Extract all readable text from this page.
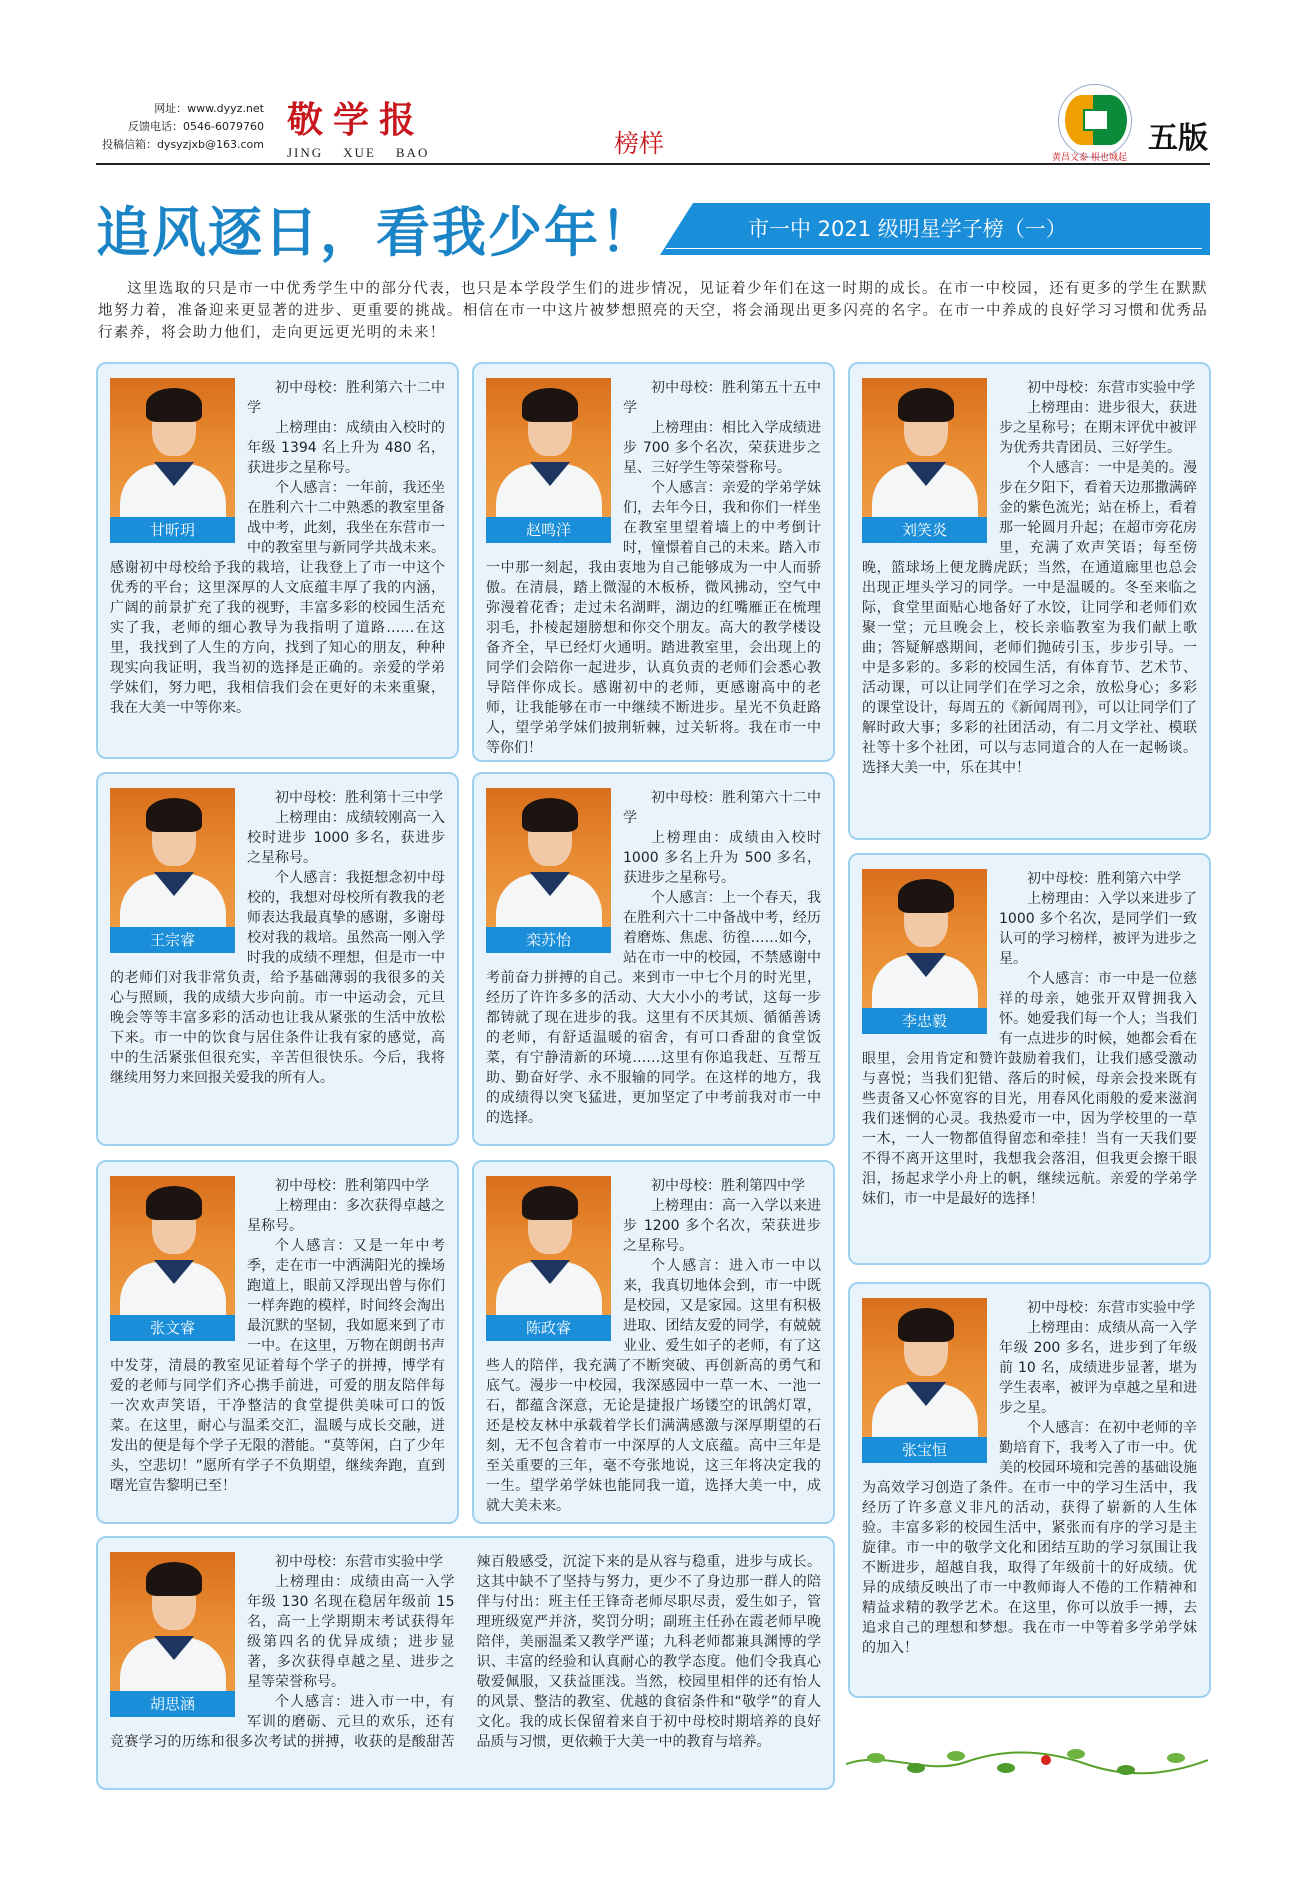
网址：www.dyyz.net
反馈电话：0546-6079760
投稿信箱：dysyzjxb@163.com
敬学报
JING XUE BAO	榜样	黄昌文泰 根也城起
五版
追风逐日，看我少年！	市一中 2021 级明星学子榜（一）
这里选取的只是市一中优秀学生中的部分代表，也只是本学段学生们的进步情况，见证着少年们在这一时期的成长。在市一中校园，还有更多的学生在默默地努力着，准备迎来更显著的进步、更重要的挑战。相信在市一中这片被梦想照亮的天空，将会涌现出更多闪亮的名字。在市一中养成的良好学习习惯和优秀品行素养，将会助力他们，走向更远更光明的未来！
甘昕玥

初中母校：胜利第六十二中学

上榜理由：成绩由入校时的年级 1394 名上升为 480 名，获进步之星称号。

个人感言：一年前，我还坐在胜利六十二中熟悉的教室里备战中考，此刻，我坐在东营市一中的教室里与新同学共战未来。感谢初中母校给予我的栽培，让我登上了市一中这个优秀的平台；这里深厚的人文底蕴丰厚了我的内涵，广阔的前景扩充了我的视野，丰富多彩的校园生活充实了我，老师的细心教导为我指明了道路……在这里，我找到了人生的方向，找到了知心的朋友，种种现实向我证明，我当初的选择是正确的。亲爱的学弟学妹们，努力吧，我相信我们会在更好的未来重聚，我在大美一中等你来。

赵鸣洋

初中母校：胜利第五十五中学

上榜理由：相比入学成绩进步 700 多个名次，荣获进步之星、三好学生等荣誉称号。

个人感言：亲爱的学弟学妹们，去年今日，我和你们一样坐在教室里望着墙上的中考倒计时，憧憬着自己的未来。踏入市一中那一刻起，我由衷地为自己能够成为一中人而骄傲。在清晨，踏上微湿的木板桥，微风拂动，空气中弥漫着花香；走过未名湖畔，湖边的红嘴雁正在梳理羽毛，扑棱起翅膀想和你交个朋友。高大的教学楼设备齐全，早已经灯火通明。踏进教室里，会出现上的同学们会陪你一起进步，认真负责的老师们会悉心教导陪伴你成长。感谢初中的老师，更感谢高中的老师，让我能够在市一中继续不断进步。星光不负赶路人，望学弟学妹们披荆斩棘，过关斩将。我在市一中等你们！

刘笑炎

初中母校：东营市实验中学

上榜理由：进步很大，获进步之星称号；在期末评优中被评为优秀共青团员、三好学生。

个人感言：一中是美的。漫步在夕阳下，看着天边那撒满碎金的紫色流光；站在桥上，看着那一轮圆月升起；在超市旁花房里，充满了欢声笑语；每至傍晚，篮球场上便龙腾虎跃；当然，在通道廊里也总会出现正埋头学习的同学。一中是温暖的。冬至来临之际，食堂里面贴心地备好了水饺，让同学和老师们欢聚一堂；元旦晚会上，校长亲临教室为我们献上歌曲；答疑解惑期间，老师们抛砖引玉，步步引导。一中是多彩的。多彩的校园生活，有体育节、艺术节、活动课，可以让同学们在学习之余，放松身心；多彩的课堂设计，每周五的《新闻周刊》，可以让同学们了解时政大事；多彩的社团活动，有二月文学社、模联社等十多个社团，可以与志同道合的人在一起畅谈。选择大美一中，乐在其中！

王宗睿

初中母校：胜利第十三中学

上榜理由：成绩较刚高一入校时进步 1000 多名，获进步之星称号。

个人感言：我挺想念初中母校的，我想对母校所有教我的老师表达我最真挚的感谢，多谢母校对我的栽培。虽然高一刚入学时我的成绩不理想，但是市一中的老师们对我非常负责，给予基础薄弱的我很多的关心与照顾，我的成绩大步向前。市一中运动会，元旦晚会等等丰富多彩的活动也让我从紧张的生活中放松下来。市一中的饮食与居住条件让我有家的感觉，高中的生活紧张但很充实，辛苦但很快乐。今后，我将继续用努力来回报关爱我的所有人。

栾苏怡

初中母校：胜利第六十二中学

上榜理由：成绩由入校时 1000 多名上升为 500 多名，获进步之星称号。

个人感言：上一个春天，我在胜利六十二中备战中考，经历着磨炼、焦虑、彷徨……如今，站在市一中的校园，不禁感谢中考前奋力拼搏的自己。来到市一中七个月的时光里，经历了许许多多的活动、大大小小的考试，这每一步都铸就了现在进步的我。这里有不厌其烦、循循善诱的老师，有舒适温暖的宿舍，有可口香甜的食堂饭菜，有宁静清新的环境……这里有你追我赶、互帮互助、勤奋好学、永不服输的同学。在这样的地方，我的成绩得以突飞猛进，更加坚定了中考前我对市一中的选择。

李忠毅

初中母校：胜利第六中学

上榜理由：入学以来进步了 1000 多个名次，是同学们一致认可的学习榜样，被评为进步之星。

个人感言：市一中是一位慈祥的母亲，她张开双臂拥我入怀。她爱我们每一个人；当我们有一点进步的时候，她都会看在眼里，会用肯定和赞许鼓励着我们，让我们感受激动与喜悦；当我们犯错、落后的时候，母亲会投来既有些责备又心怀宽容的目光，用春风化雨般的爱来滋润我们迷惘的心灵。我热爱市一中，因为学校里的一草一木，一人一物都值得留恋和牵挂！当有一天我们要不得不离开这里时，我想我会落泪，但我更会擦干眼泪，扬起求学小舟上的帆，继续远航。亲爱的学弟学妹们，市一中是最好的选择！

张文睿

初中母校：胜利第四中学

上榜理由：多次获得卓越之星称号。

个人感言：又是一年中考季，走在市一中洒满阳光的操场跑道上，眼前又浮现出曾与你们一样奔跑的模样，时间终会淘出最沉默的坚韧，我如愿来到了市一中。在这里，万物在朗朗书声中发芽，清晨的教室见证着每个学子的拼搏，博学有爱的老师与同学们齐心携手前进，可爱的朋友陪伴每一次欢声笑语，干净整洁的食堂提供美味可口的饭菜。在这里，耐心与温柔交汇，温暖与成长交融，迸发出的便是每个学子无限的潜能。“莫等闲，白了少年头，空悲切！”愿所有学子不负期望，继续奔跑，直到曙光宣告黎明已至！

陈政睿

初中母校：胜利第四中学

上榜理由：高一入学以来进步 1200 多个名次，荣获进步之星称号。

个人感言：进入市一中以来，我真切地体会到，市一中既是校园，又是家园。这里有积极进取、团结友爱的同学，有兢兢业业、爱生如子的老师，有了这些人的陪伴，我充满了不断突破、再创新高的勇气和底气。漫步一中校园，我深感园中一草一木、一池一石，都蕴含深意，无论是捷报广场镂空的讯鸽灯罩，还是校友林中承载着学长们满满感激与深厚期望的石刻，无不包含着市一中深厚的人文底蕴。高中三年是至关重要的三年，毫不夸张地说，这三年将决定我的一生。望学弟学妹也能同我一道，选择大美一中，成就大美未来。

张宝恒

初中母校：东营市实验中学

上榜理由：成绩从高一入学年级 200 多名，进步到了年级前 10 名，成绩进步显著，堪为学生表率，被评为卓越之星和进步之星。

个人感言：在初中老师的辛勤培育下，我考入了市一中。优美的校园环境和完善的基础设施为高效学习创造了条件。在市一中的学习生活中，我经历了许多意义非凡的活动，获得了崭新的人生体验。丰富多彩的校园生活中，紧张而有序的学习是主旋律。市一中的敬学文化和团结互助的学习氛围让我不断进步，超越自我，取得了年级前十的好成绩。优异的成绩反映出了市一中教师诲人不倦的工作精神和精益求精的教学艺术。在这里，你可以放手一搏，去追求自己的理想和梦想。我在市一中等着多学弟学妹的加入！

胡思涵

初中母校：东营市实验中学

上榜理由：成绩由高一入学年级 130 名现在稳居年级前 15 名，高一上学期期末考试获得年级第四名的优异成绩；进步显著，多次获得卓越之星、进步之星等荣誉称号。

个人感言：进入市一中，有军训的磨砺、元旦的欢乐，还有竞赛学习的历练和很多次考试的拼搏，收获的是酸甜苦辣百般感受，沉淀下来的是从容与稳重，进步与成长。这其中缺不了坚持与努力，更少不了身边那一群人的陪伴与付出：班主任王锋奇老师尽职尽责，爱生如子，管理班级宽严并济，奖罚分明；副班主任孙在霞老师早晚陪伴，美丽温柔又教学严谨；九科老师都兼具渊博的学识、丰富的经验和认真耐心的教学态度。他们令我真心敬爱佩服，又获益匪浅。当然，校园里相伴的还有怡人的风景、整洁的教室、优越的食宿条件和“敬学”的育人文化。我的成长保留着来自于初中母校时期培养的良好品质与习惯，更依赖于大美一中的教育与培养。
